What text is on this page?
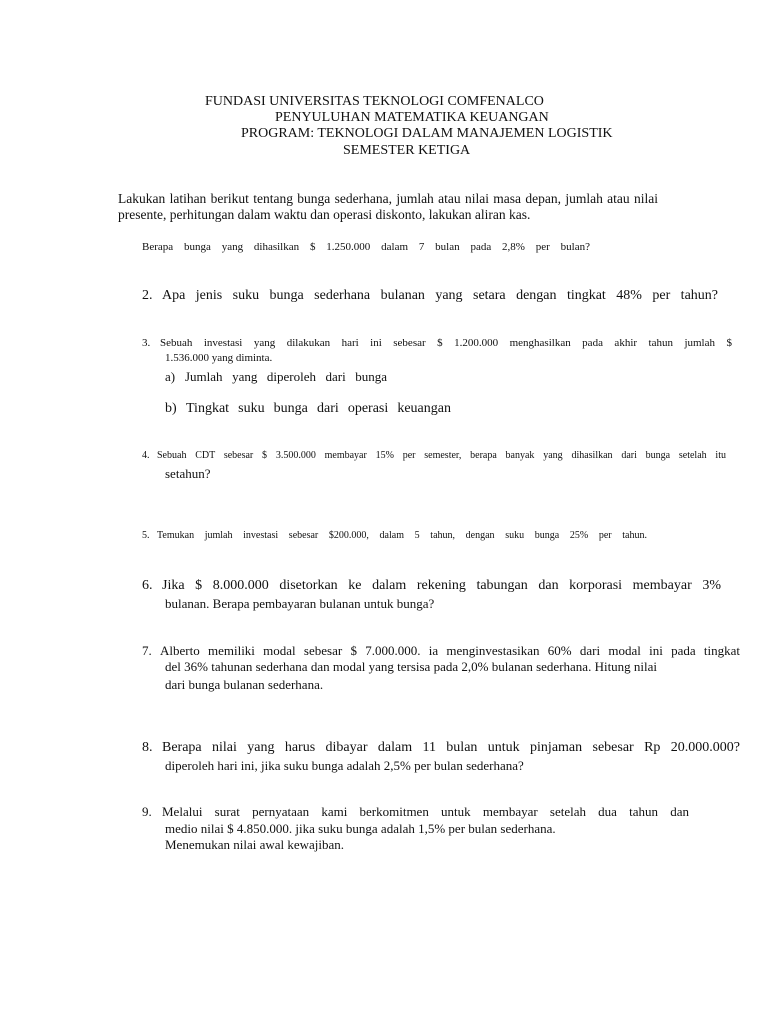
FUNDASI UNIVERSITAS TEKNOLOGI COMFENALCO
PENYULUHAN MATEMATIKA KEUANGAN
PROGRAM: TEKNOLOGI DALAM MANAJEMEN LOGISTIK
SEMESTER KETIGA
Lakukan latihan berikut tentang bunga sederhana, jumlah atau nilai masa depan, jumlah atau nilai
presente, perhitungan dalam waktu dan operasi diskonto, lakukan aliran kas.
Berapa bunga yang dihasilkan $ 1.250.000 dalam 7 bulan pada 2,8% per bulan?
2. Apa jenis suku bunga sederhana bulanan yang setara dengan tingkat 48% per tahun?
3. Sebuah investasi yang dilakukan hari ini sebesar $ 1.200.000 menghasilkan pada akhir tahun jumlah $
1.536.000 yang diminta.
a) Jumlah yang diperoleh dari bunga
b) Tingkat suku bunga dari operasi keuangan
4. Sebuah CDT sebesar $ 3.500.000 membayar 15% per semester, berapa banyak yang dihasilkan dari bunga setelah itu
setahun?
5. Temukan jumlah investasi sebesar $200.000, dalam 5 tahun, dengan suku bunga 25% per tahun.
6. Jika $ 8.000.000 disetorkan ke dalam rekening tabungan dan korporasi membayar 3%
bulanan. Berapa pembayaran bulanan untuk bunga?
7. Alberto memiliki modal sebesar $ 7.000.000. ia menginvestasikan 60% dari modal ini pada tingkat
del 36% tahunan sederhana dan modal yang tersisa pada 2,0% bulanan sederhana. Hitung nilai
dari bunga bulanan sederhana.
8. Berapa nilai yang harus dibayar dalam 11 bulan untuk pinjaman sebesar Rp 20.000.000?
diperoleh hari ini, jika suku bunga adalah 2,5% per bulan sederhana?
9. Melalui surat pernyataan kami berkomitmen untuk membayar setelah dua tahun dan
medio nilai $ 4.850.000. jika suku bunga adalah 1,5% per bulan sederhana.
Menemukan nilai awal kewajiban.
